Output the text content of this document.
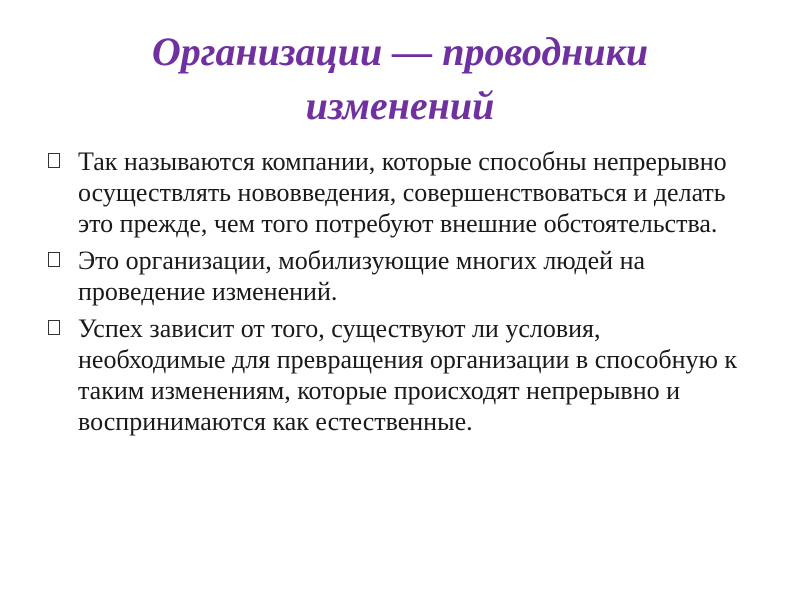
Организации — проводники
изменений
Так называются компании, которые способны непрерывно осуществлять нововведения, совершенствоваться и делать это прежде, чем того потребуют внешние обстоятельства.
Это организации, мобилизующие многих людей на проведение изменений.
Успех зависит от того, существуют ли условия, необходимые для превращения организации в способную к таким изменениям, которые происходят непрерывно и воспринимаются как естественные.
